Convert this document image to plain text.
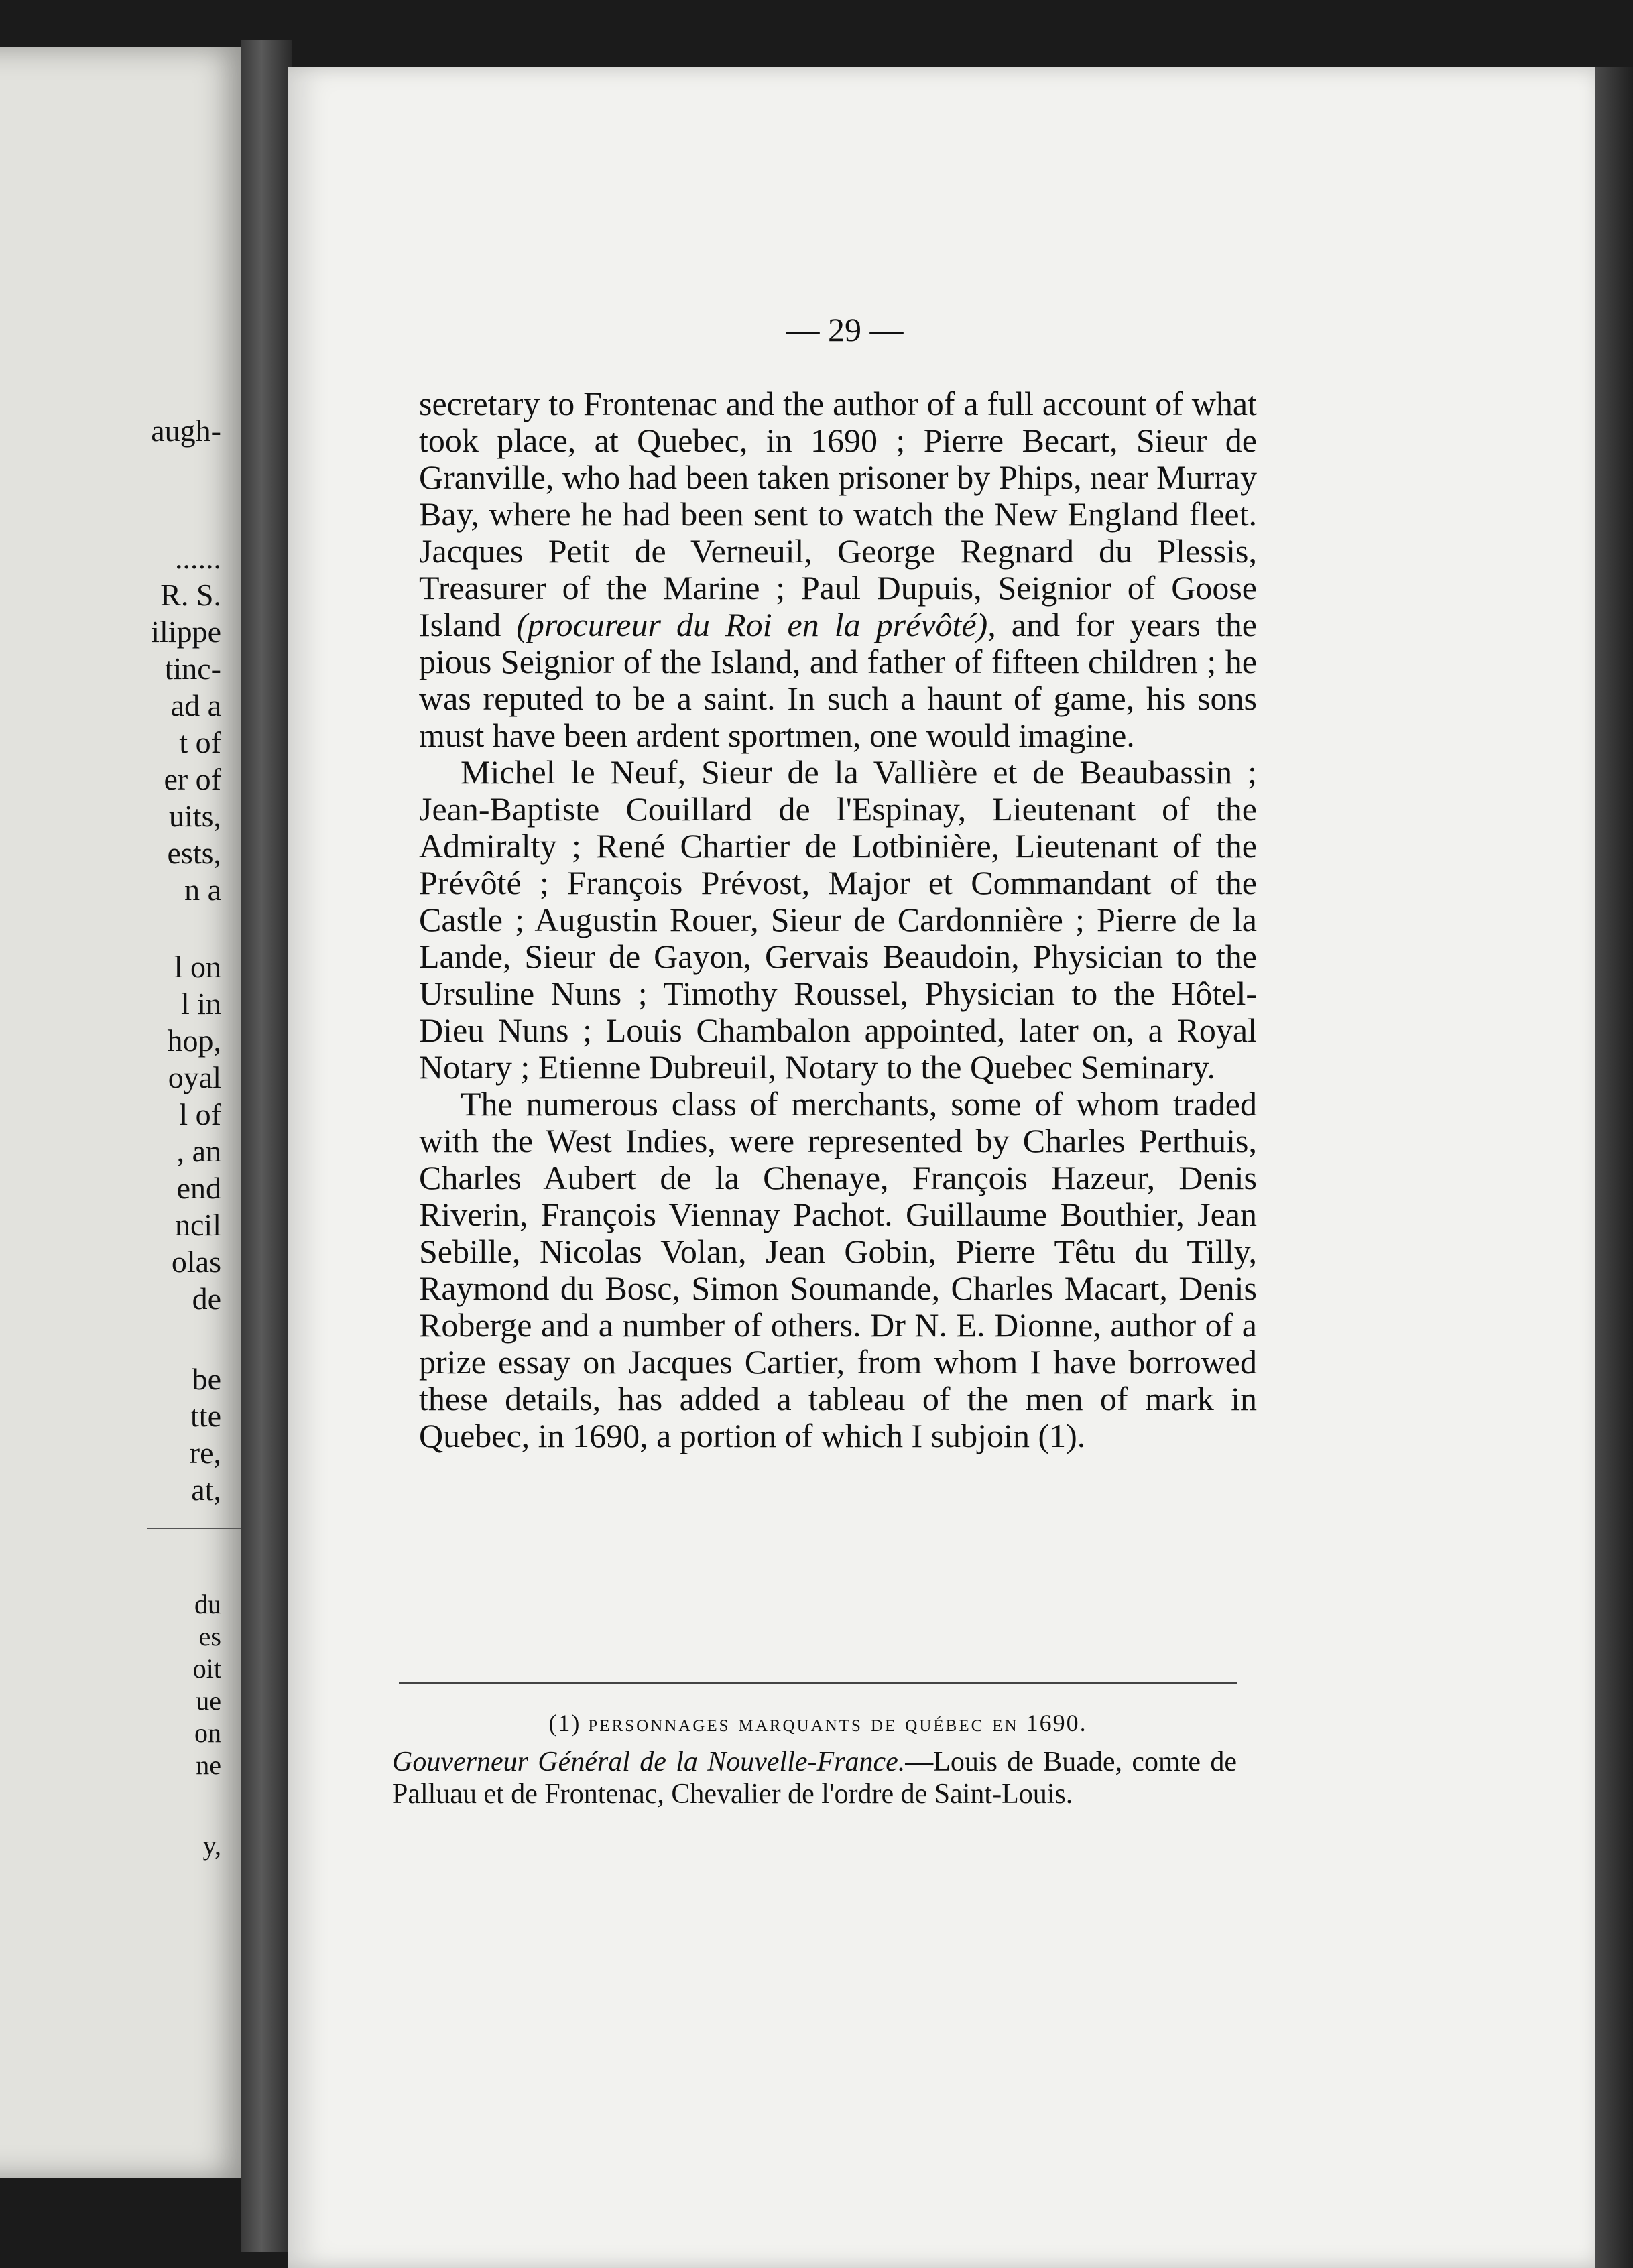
augh-
......
R. S.
ilippe
tinc-
ad a
t of
er of
uits,
ests,
n a
l on
l in
hop,
oyal
l of
, an
end
ncil
olas
de
be
tte
re,
at,
du
es
oit
ue
on
ne
y,
— 29 —

secretary to Frontenac and the author of a full account of what took place, at Quebec, in 1690 ; Pierre Becart, Sieur de Granville, who had been taken prisoner by Phips, near Murray Bay, where he had been sent to watch the New England fleet. Jacques Petit de Verneuil, George Regnard du Plessis, Treasurer of the Marine ; Paul Dupuis, Seignior of Goose Island (procureur du Roi en la prévôté), and for years the pious Seignior of the Island, and father of fifteen children ; he was reputed to be a saint. In such a haunt of game, his sons must have been ardent sportmen, one would imagine.

Michel le Neuf, Sieur de la Vallière et de Beaubassin ; Jean-Baptiste Couillard de l'Espinay, Lieutenant of the Admiralty ; René Chartier de Lotbinière, Lieutenant of the Prévôté ; François Prévost, Major et Commandant of the Castle ; Augustin Rouer, Sieur de Cardonnière ; Pierre de la Lande, Sieur de Gayon, Gervais Beaudoin, Physician to the Ursuline Nuns ; Timothy Roussel, Physician to the Hôtel-Dieu Nuns ; Louis Chambalon appointed, later on, a Royal Notary ; Etienne Dubreuil, Notary to the Quebec Seminary.

The numerous class of merchants, some of whom traded with the West Indies, were represented by Charles Perthuis, Charles Aubert de la Chenaye, François Hazeur, Denis Riverin, François Viennay Pachot. Guillaume Bouthier, Jean Sebille, Nicolas Volan, Jean Gobin, Pierre Têtu du Tilly, Raymond du Bosc, Simon Soumande, Charles Macart, Denis Roberge and a number of others. Dr N. E. Dionne, author of a prize essay on Jacques Cartier, from whom I have borrowed these details, has added a tableau of the men of mark in Quebec, in 1690, a portion of which I subjoin (1).

(1) personnages marquants de québec en 1690.
Gouverneur Général de la Nouvelle-France.—Louis de Buade, comte de Palluau et de Frontenac, Chevalier de l'ordre de Saint-Louis.
